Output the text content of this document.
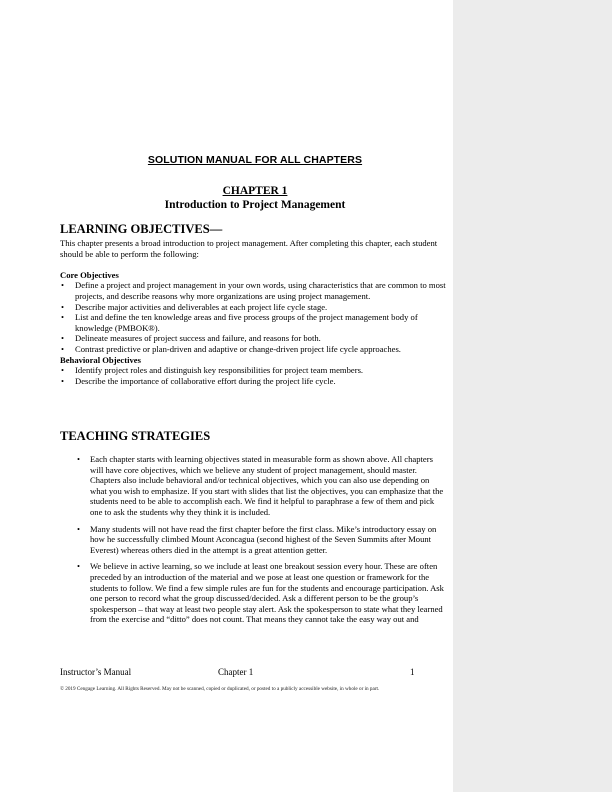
SOLUTION MANUAL FOR ALL CHAPTERS
CHAPTER 1
Introduction to Project Management
LEARNING OBJECTIVES—
This chapter presents a broad introduction to project management. After completing this chapter, each student should be able to perform the following:
Core Objectives
• Define a project and project management in your own words, using characteristics that are common to most projects, and describe reasons why more organizations are using project management.
• Describe major activities and deliverables at each project life cycle stage.
• List and define the ten knowledge areas and five process groups of the project management body of knowledge (PMBOK®).
• Delineate measures of project success and failure, and reasons for both.
• Contrast predictive or plan-driven and adaptive or change-driven project life cycle approaches.
Behavioral Objectives
• Identify project roles and distinguish key responsibilities for project team members.
• Describe the importance of collaborative effort during the project life cycle.
TEACHING STRATEGIES
• Each chapter starts with learning objectives stated in measurable form as shown above. All chapters will have core objectives, which we believe any student of project management, should master. Chapters also include behavioral and/or technical objectives, which you can also use depending on what you wish to emphasize. If you start with slides that list the objectives, you can emphasize that the students need to be able to accomplish each. We find it helpful to paraphrase a few of them and pick one to ask the students why they think it is included.
• Many students will not have read the first chapter before the first class. Mike’s introductory essay on how he successfully climbed Mount Aconcagua (second highest of the Seven Summits after Mount Everest) whereas others died in the attempt is a great attention getter.
• We believe in active learning, so we include at least one breakout session every hour. These are often preceded by an introduction of the material and we pose at least one question or framework for the students to follow. We find a few simple rules are fun for the students and encourage participation. Ask one person to record what the group discussed/decided. Ask a different person to be the group’s spokesperson – that way at least two people stay alert. Ask the spokesperson to state what they learned from the exercise and “ditto” does not count. That means they cannot take the easy way out and
Instructor’s Manual	Chapter 1	1
© 2019 Cengage Learning. All Rights Reserved. May not be scanned, copied or duplicated, or posted to a publicly accessible website, in whole or in part.
